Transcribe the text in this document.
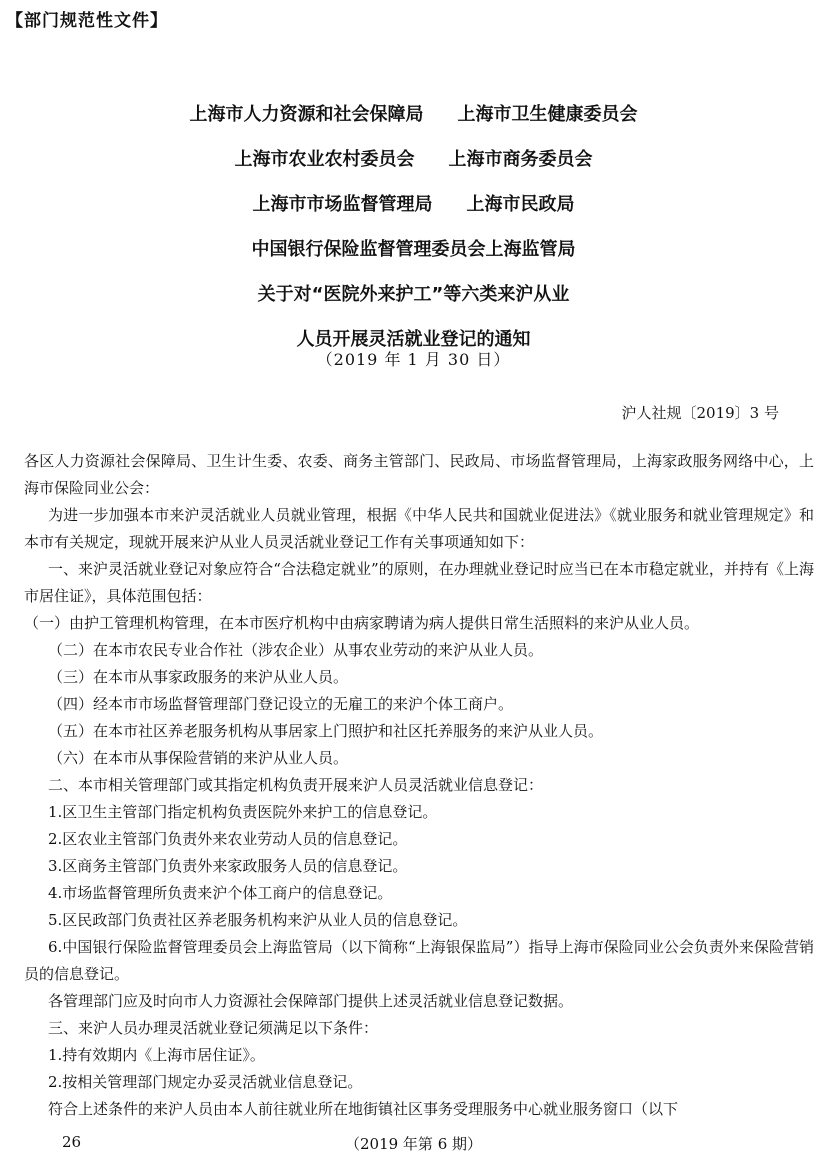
【部门规范性文件】
上海市人力资源和社会保障局 上海市卫生健康委员会
上海市农业农村委员会 上海市商务委员会
上海市市场监督管理局 上海市民政局
中国银行保险监督管理委员会上海监管局
关于对“医院外来护工”等六类来沪从业
人员开展灵活就业登记的通知
（2019 年 1 月 30 日）
沪人社规〔2019〕3 号

各区人力资源社会保障局、卫生计生委、农委、商务主管部门、民政局、市场监督管理局，上海家政服务网络中心，上海市保险同业公会：

为进一步加强本市来沪灵活就业人员就业管理，根据《中华人民共和国就业促进法》《就业服务和就业管理规定》和本市有关规定，现就开展来沪从业人员灵活就业登记工作有关事项通知如下：

一、来沪灵活就业登记对象应符合“合法稳定就业”的原则，在办理就业登记时应当已在本市稳定就业，并持有《上海市居住证》，具体范围包括：

（一）由护工管理机构管理，在本市医疗机构中由病家聘请为病人提供日常生活照料的来沪从业人员。

（二）在本市农民专业合作社（涉农企业）从事农业劳动的来沪从业人员。

（三）在本市从事家政服务的来沪从业人员。

（四）经本市市场监督管理部门登记设立的无雇工的来沪个体工商户。

（五）在本市社区养老服务机构从事居家上门照护和社区托养服务的来沪从业人员。

（六）在本市从事保险营销的来沪从业人员。

二、本市相关管理部门或其指定机构负责开展来沪人员灵活就业信息登记：

1.区卫生主管部门指定机构负责医院外来护工的信息登记。

2.区农业主管部门负责外来农业劳动人员的信息登记。

3.区商务主管部门负责外来家政服务人员的信息登记。

4.市场监督管理所负责来沪个体工商户的信息登记。

5.区民政部门负责社区养老服务机构来沪从业人员的信息登记。

6.中国银行保险监督管理委员会上海监管局（以下简称“上海银保监局”）指导上海市保险同业公会负责外来保险营销员的信息登记。

各管理部门应及时向市人力资源社会保障部门提供上述灵活就业信息登记数据。

三、来沪人员办理灵活就业登记须满足以下条件：

1.持有效期内《上海市居住证》。

2.按相关管理部门规定办妥灵活就业信息登记。

符合上述条件的来沪人员由本人前往就业所在地街镇社区事务受理服务中心就业服务窗口（以下

26	（2019 年第 6 期）
